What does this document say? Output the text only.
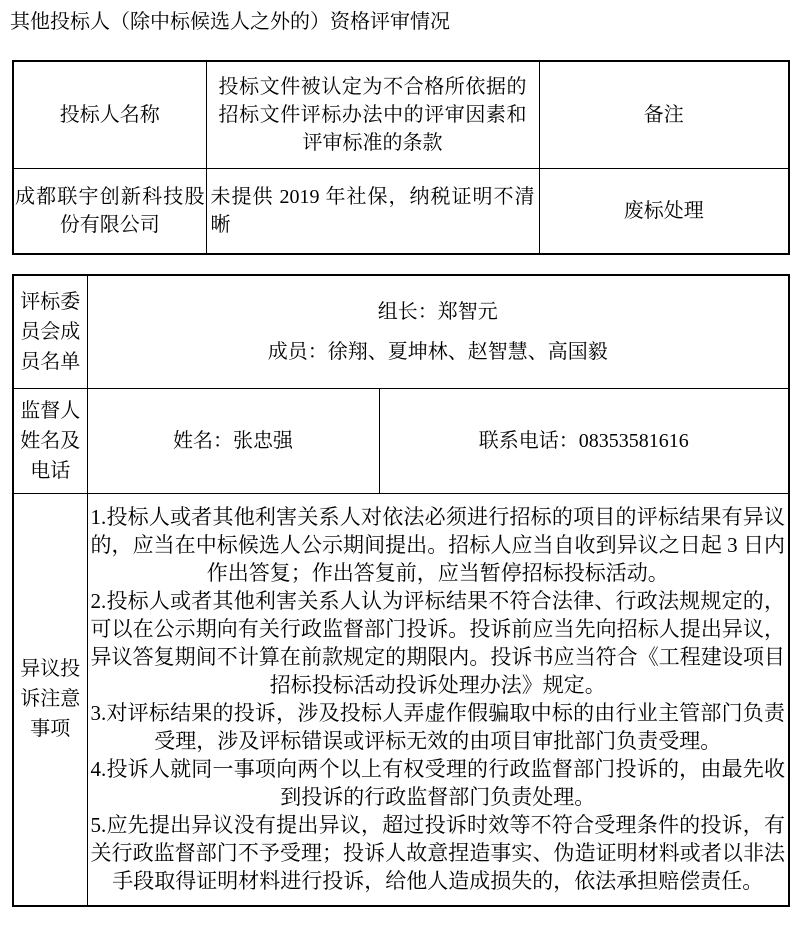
其他投标人（除中标候选人之外的）资格评审情况
投标人名称	投标文件被认定为不合格所依据的招标文件评标办法中的评审因素和评审标准的条款	备注
成都联宇创新科技股份有限公司	未提供 2019 年社保，纳税证明不清晰	废标处理
评标委员会成员名单	组长：郑智元
成员：徐翔、夏坤林、赵智慧、高国毅	

监督人姓名及电话	姓名：张忠强	联系电话：08353581616
异议投诉注意事项	1.投标人或者其他利害关系人对依法必须进行招标的项目的评标结果有异议的，应当在中标候选人公示期间提出。招标人应当自收到异议之日起 3 日内作出答复；作出答复前，应当暂停招标投标活动。

2.投标人或者其他利害关系人认为评标结果不符合法律、行政法规规定的，可以在公示期向有关行政监督部门投诉。投诉前应当先向招标人提出异议，异议答复期间不计算在前款规定的期限内。投诉书应当符合《工程建设项目招标投标活动投诉处理办法》规定。

3.对评标结果的投诉，涉及投标人弄虚作假骗取中标的由行业主管部门负责受理，涉及评标错误或评标无效的由项目审批部门负责受理。

4.投诉人就同一事项向两个以上有权受理的行政监督部门投诉的，由最先收到投诉的行政监督部门负责处理。

5.应先提出异议没有提出异议，超过投诉时效等不符合受理条件的投诉，有关行政监督部门不予受理；投诉人故意捏造事实、伪造证明材料或者以非法手段取得证明材料进行投诉，给他人造成损失的，依法承担赔偿责任。	
